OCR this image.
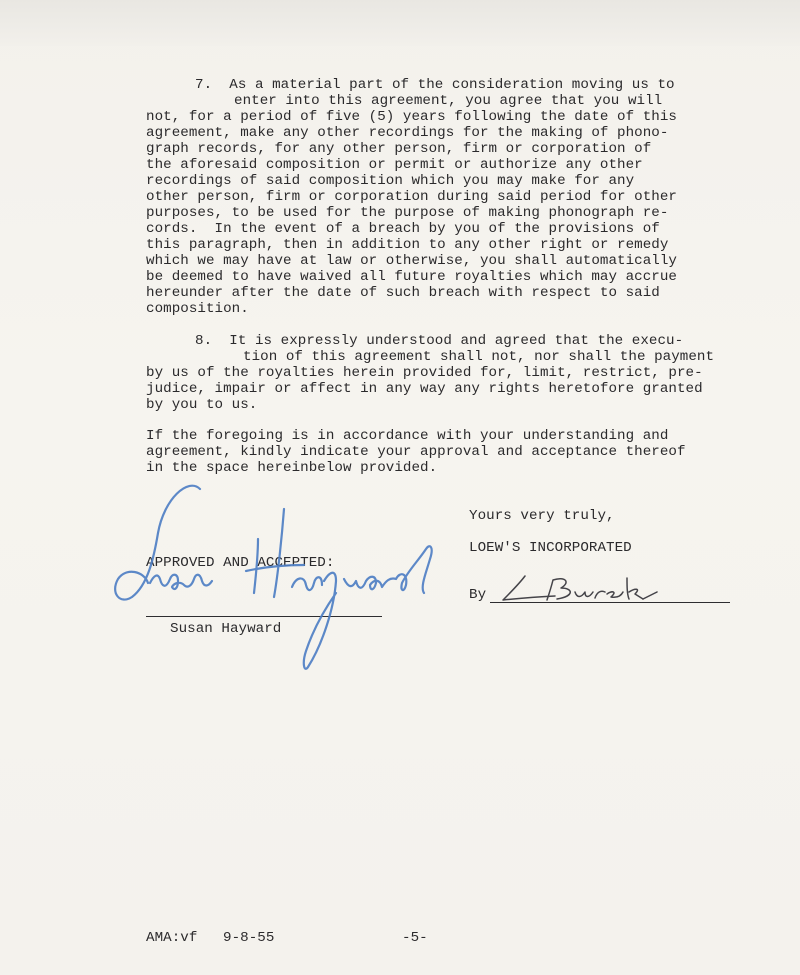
7.  As a material part of the consideration moving us to
enter into this agreement, you agree that you will
not, for a period of five (5) years following the date of this
agreement, make any other recordings for the making of phono-
graph records, for any other person, firm or corporation of
the aforesaid composition or permit or authorize any other
recordings of said composition which you may make for any
other person, firm or corporation during said period for other
purposes, to be used for the purpose of making phonograph re-
cords.  In the event of a breach by you of the provisions of
this paragraph, then in addition to any other right or remedy
which we may have at law or otherwise, you shall automatically
be deemed to have waived all future royalties which may accrue
hereunder after the date of such breach with respect to said
composition.
8.  It is expressly understood and agreed that the execu-
tion of this agreement shall not, nor shall the payment
by us of the royalties herein provided for, limit, restrict, pre-
judice, impair or affect in any way any rights heretofore granted
by you to us.
If the foregoing is in accordance with your understanding and
agreement, kindly indicate your approval and acceptance thereof
in the space hereinbelow provided.
Yours very truly,
LOEW'S INCORPORATED
By
APPROVED AND ACCEPTED:
Susan Hayward
AMA:vf 9-8-55	-5-
